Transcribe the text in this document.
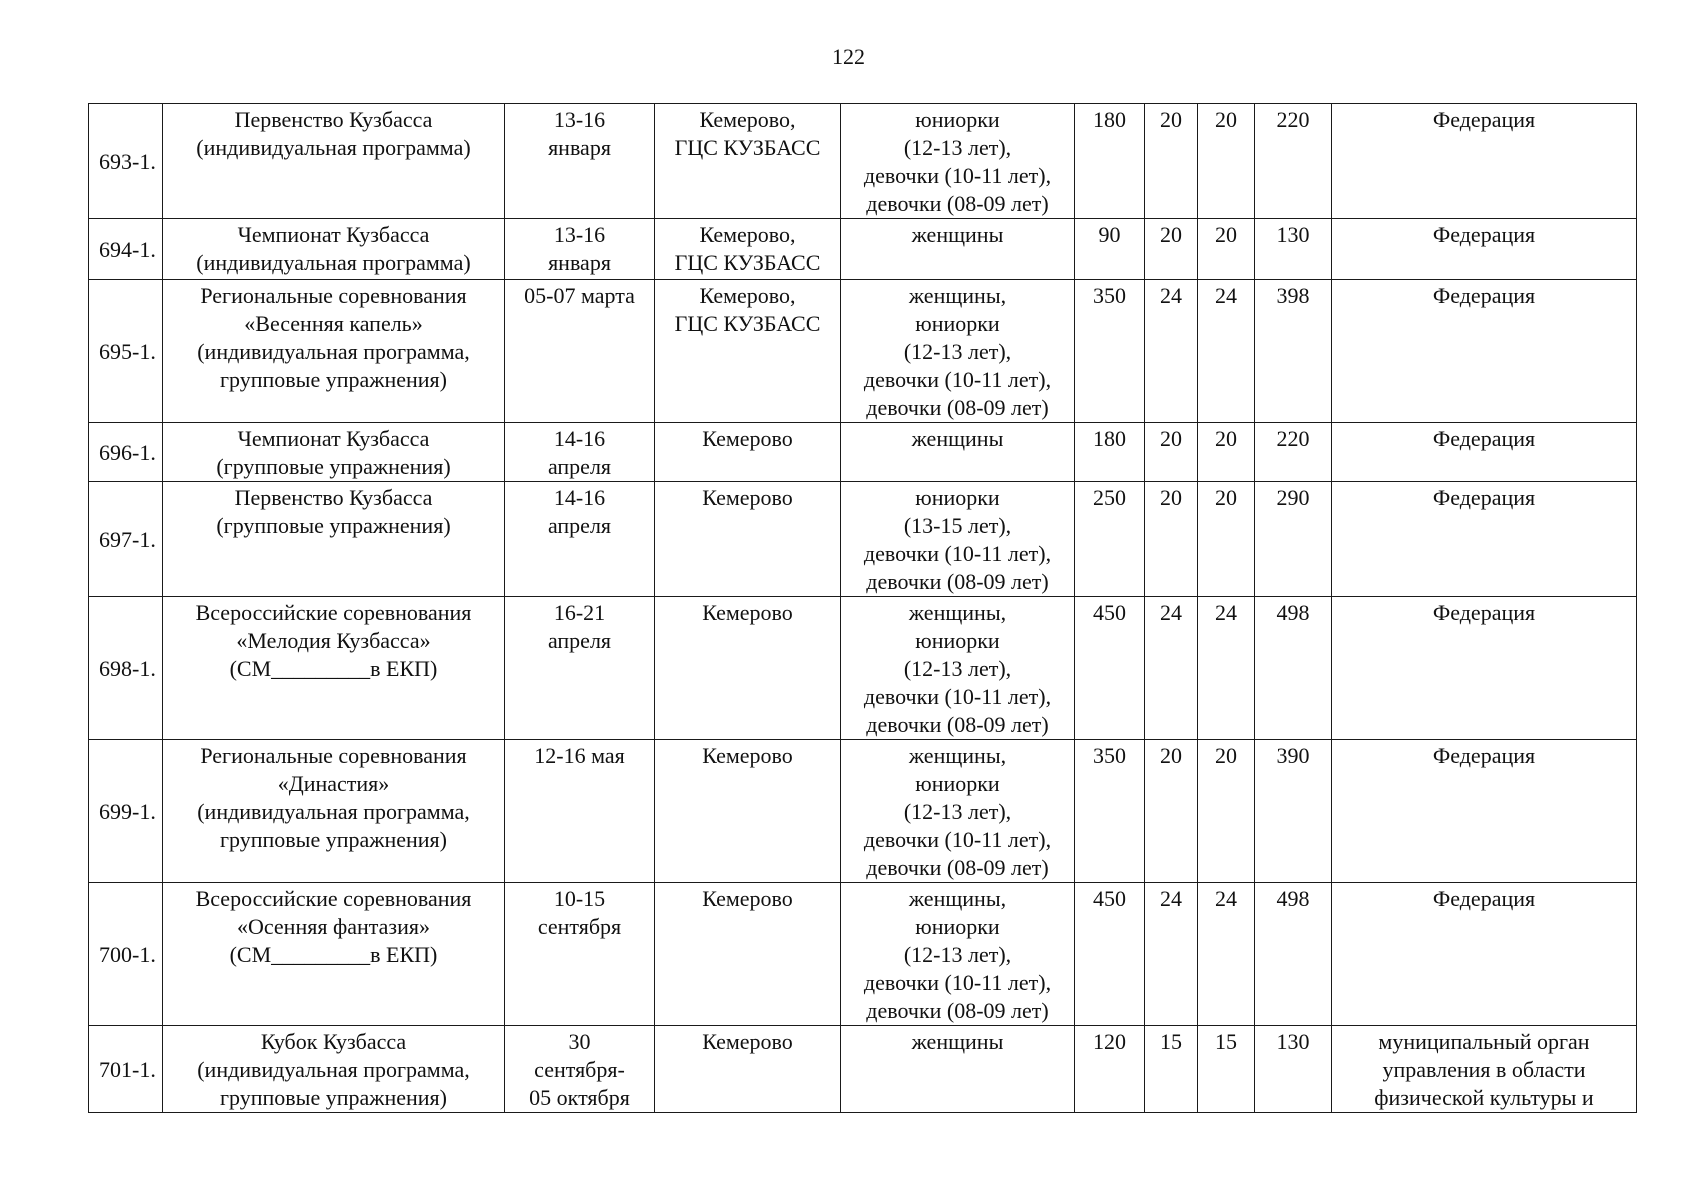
122
693-1.	Первенство Кузбасса
(индивидуальная программа)	13-16
января	Кемерово,
ГЦС КУЗБАСС	юниорки
(12-13 лет),
девочки (10-11 лет),
девочки (08-09 лет)	180	20	20	220	Федерация

694-1.	Чемпионат Кузбасса
(индивидуальная программа)	13-16
января	Кемерово,
ГЦС КУЗБАСС	женщины	90	20	20	130	Федерация

695-1.	Региональные соревнования
«Весенняя капель»
(индивидуальная программа,
групповые упражнения)	05-07 марта	Кемерово,
ГЦС КУЗБАСС	женщины,
юниорки
(12-13 лет),
девочки (10-11 лет),
девочки (08-09 лет)	350	24	24	398	Федерация

696-1.	Чемпионат Кузбасса
(групповые упражнения)	14-16
апреля	Кемерово	женщины	180	20	20	220	Федерация

697-1.	Первенство Кузбасса
(групповые упражнения)	14-16
апреля	Кемерово	юниорки
(13-15 лет),
девочки (10-11 лет),
девочки (08-09 лет)	250	20	20	290	Федерация

698-1.	Всероссийские соревнования
«Мелодия Кузбасса»
(СМ_________в ЕКП)	16-21
апреля	Кемерово	женщины,
юниорки
(12-13 лет),
девочки (10-11 лет),
девочки (08-09 лет)	450	24	24	498	Федерация

699-1.	Региональные соревнования
«Династия»
(индивидуальная программа,
групповые упражнения)	12-16 мая	Кемерово	женщины,
юниорки
(12-13 лет),
девочки (10-11 лет),
девочки (08-09 лет)	350	20	20	390	Федерация

700-1.	Всероссийские соревнования
«Осенняя фантазия»
(СМ_________в ЕКП)	10-15
сентября	Кемерово	женщины,
юниорки
(12-13 лет),
девочки (10-11 лет),
девочки (08-09 лет)	450	24	24	498	Федерация

701-1.	Кубок Кузбасса
(индивидуальная программа,
групповые упражнения)	30
сентября-
05 октября	Кемерово	женщины	120	15	15	130	муниципальный орган
управления в области
физической культуры и
